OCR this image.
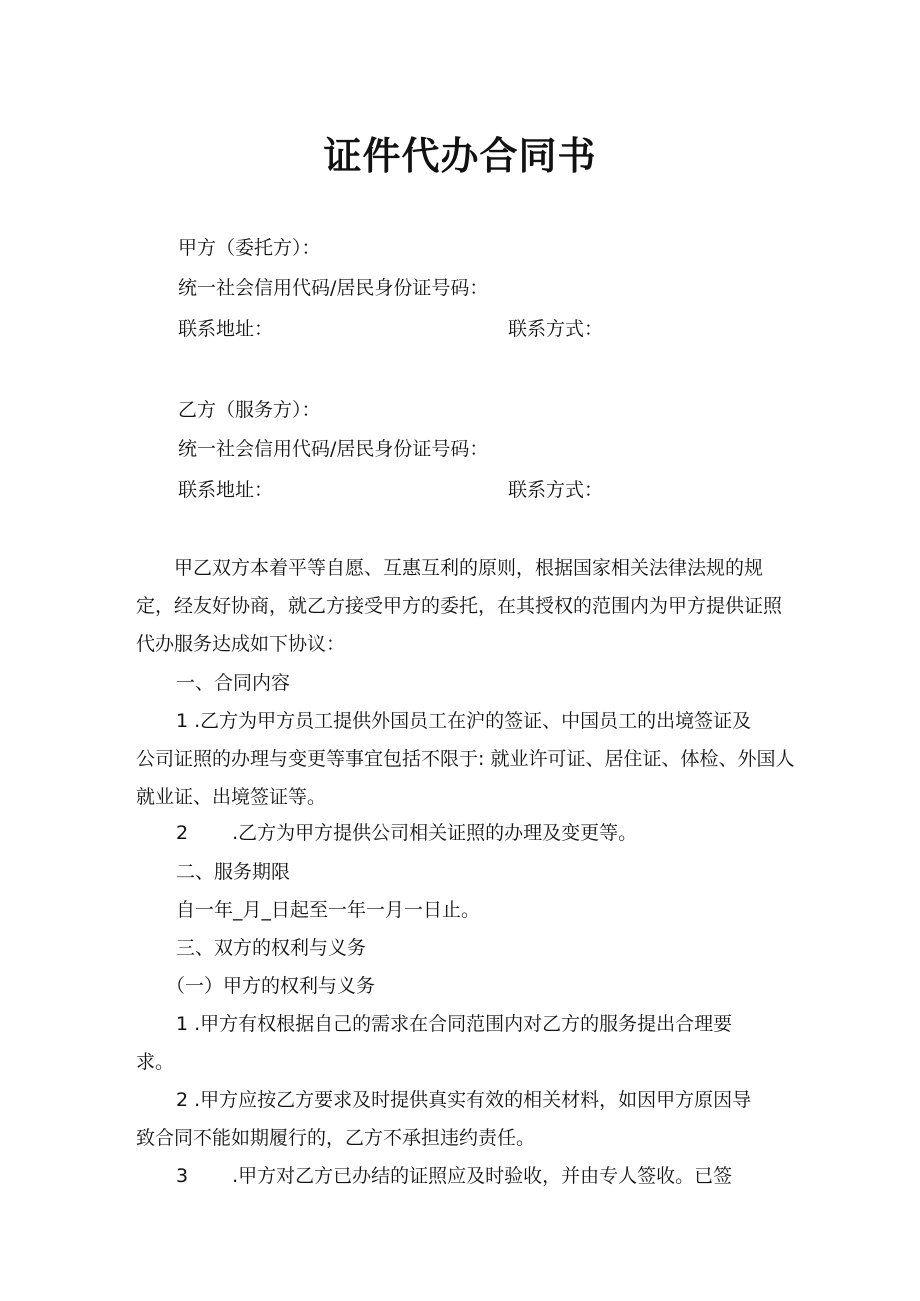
证件代办合同书
甲方（委托方）：
统一社会信用代码/居民身份证号码：
联系地址：	联系方式：
乙方（服务方）：
统一社会信用代码/居民身份证号码：
联系地址：	联系方式：

甲乙双方本着平等自愿、互惠互利的原则，根据国家相关法律法规的规定，经友好协商，就乙方接受甲方的委托，在其授权的范围内为甲方提供证照代办服务达成如下协议：

一、合同内容
1 .乙方为甲方员工提供外国员工在沪的签证、中国员工的出境签证及
公司证照的办理与变更等事宜包括不限于: 就业许可证、居住证、体检、外国人就业证、出境签证等。
2 .乙方为甲方提供公司相关证照的办理及变更等。
二、服务期限
自一年_月_日起至一年一月一日止。
三、双方的权利与义务
（一）甲方的权利与义务
1 .甲方有权根据自己的需求在合同范围内对乙方的服务提出合理要
求。
2 .甲方应按乙方要求及时提供真实有效的相关材料，如因甲方原因导
致合同不能如期履行的，乙方不承担违约责任。
3 .甲方对乙方已办结的证照应及时验收，并由专人签收。已签
